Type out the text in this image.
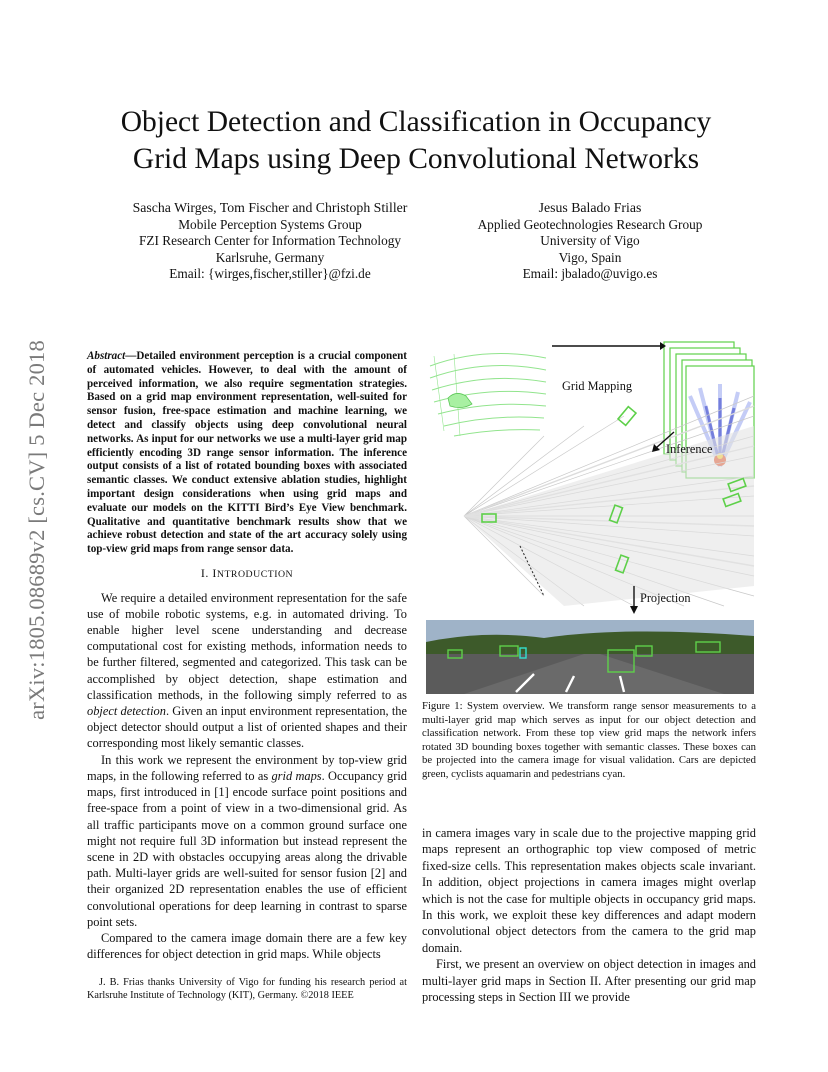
arXiv:1805.08689v2 [cs.CV] 5 Dec 2018
Object Detection and Classification in Occupancy
Grid Maps using Deep Convolutional Networks
Sascha Wirges, Tom Fischer and Christoph Stiller
Mobile Perception Systems Group
FZI Research Center for Information Technology
Karlsruhe, Germany
Email: {wirges,fischer,stiller}@fzi.de
Jesus Balado Frias
Applied Geotechnologies Research Group
University of Vigo
Vigo, Spain
Email: jbalado@uvigo.es

Abstract—Detailed environment perception is a crucial component of automated vehicles. However, to deal with the amount of perceived information, we also require segmentation strategies. Based on a grid map environment representation, well-suited for sensor fusion, free-space estimation and machine learning, we detect and classify objects using deep convolutional neural networks. As input for our networks we use a multi-layer grid map efficiently encoding 3D range sensor information. The inference output consists of a list of rotated bounding boxes with associated semantic classes. We conduct extensive ablation studies, highlight important design considerations when using grid maps and evaluate our models on the KITTI Bird’s Eye View benchmark. Qualitative and quantitative benchmark results show that we achieve robust detection and state of the art accuracy solely using top-view grid maps from range sensor data.

I. INTRODUCTION

We require a detailed environment representation for the safe use of mobile robotic systems, e.g. in automated driving. To enable higher level scene understanding and decrease computational cost for existing methods, information needs to be further filtered, segmented and categorized. This task can be accomplished by object detection, shape estimation and classification methods, in the following simply referred to as object detection. Given an input environment representation, the object detector should output a list of oriented shapes and their corresponding most likely semantic classes.

In this work we represent the environment by top-view grid maps, in the following referred to as grid maps. Occupancy grid maps, first introduced in [1] encode surface point positions and free-space from a point of view in a two-dimensional grid. As all traffic participants move on a common ground surface one might not require full 3D information but instead represent the scene in 2D with obstacles occupying areas along the drivable path. Multi-layer grids are well-suited for sensor fusion [2] and their organized 2D representation enables the use of efficient convolutional operations for deep learning in contrast to sparse point sets.

Compared to the camera image domain there are a few key differences for object detection in grid maps. While objects

J. B. Frias thanks University of Vigo for funding his research period at Karlsruhe Institute of Technology (KIT), Germany. ©2018 IEEE
Grid Mapping
Inference
Projection
Figure 1: System overview. We transform range sensor measurements to a multi-layer grid map which serves as input for our object detection and classification network. From these top view grid maps the network infers rotated 3D bounding boxes together with semantic classes. These boxes can be projected into the camera image for visual validation. Cars are depicted green, cyclists aquamarin and pedestrians cyan.

in camera images vary in scale due to the projective mapping grid maps represent an orthographic top view composed of metric fixed-size cells. This representation makes objects scale invariant. In addition, object projections in camera images might overlap which is not the case for multiple objects in occupancy grid maps. In this work, we exploit these key differences and adapt modern convolutional object detectors from the camera to the grid map domain.

First, we present an overview on object detection in images and multi-layer grid maps in Section II. After presenting our grid map processing steps in Section III we provide
